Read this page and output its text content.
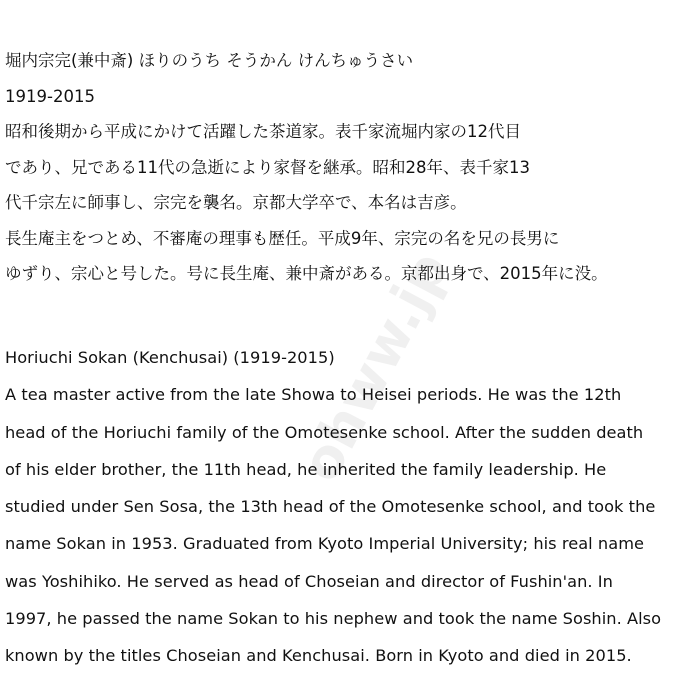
堀内宗完(兼中斎) ほりのうち そうかん けんちゅうさい
1919-2015
昭和後期から平成にかけて活躍した茶道家。表千家流堀内家の12代目
であり、兄である11代の急逝により家督を継承。昭和28年、表千家13
代千宗左に師事し、宗完を襲名。京都大学卒で、本名は吉彦。
長生庵主をつとめ、不審庵の理事も歴任。平成9年、宗完の名を兄の長男に
ゆずり、宗心と号した。号に長生庵、兼中斎がある。京都出身で、2015年に没。
Horiuchi Sokan (Kenchusai) (1919-2015)
A tea master active from the late Showa to Heisei periods. He was the 12th
head of the Horiuchi family of the Omotesenke school. After the sudden death
of his elder brother, the 11th head, he inherited the family leadership. He
studied under Sen Sosa, the 13th head of the Omotesenke school, and took the
name Sokan in 1953. Graduated from Kyoto Imperial University; his real name
was Yoshihiko. He served as head of Choseian and director of Fushin'an. In
1997, he passed the name Sokan to his nephew and took the name Soshin. Also
known by the titles Choseian and Kenchusai. Born in Kyoto and died in 2015.
ohww.jp
